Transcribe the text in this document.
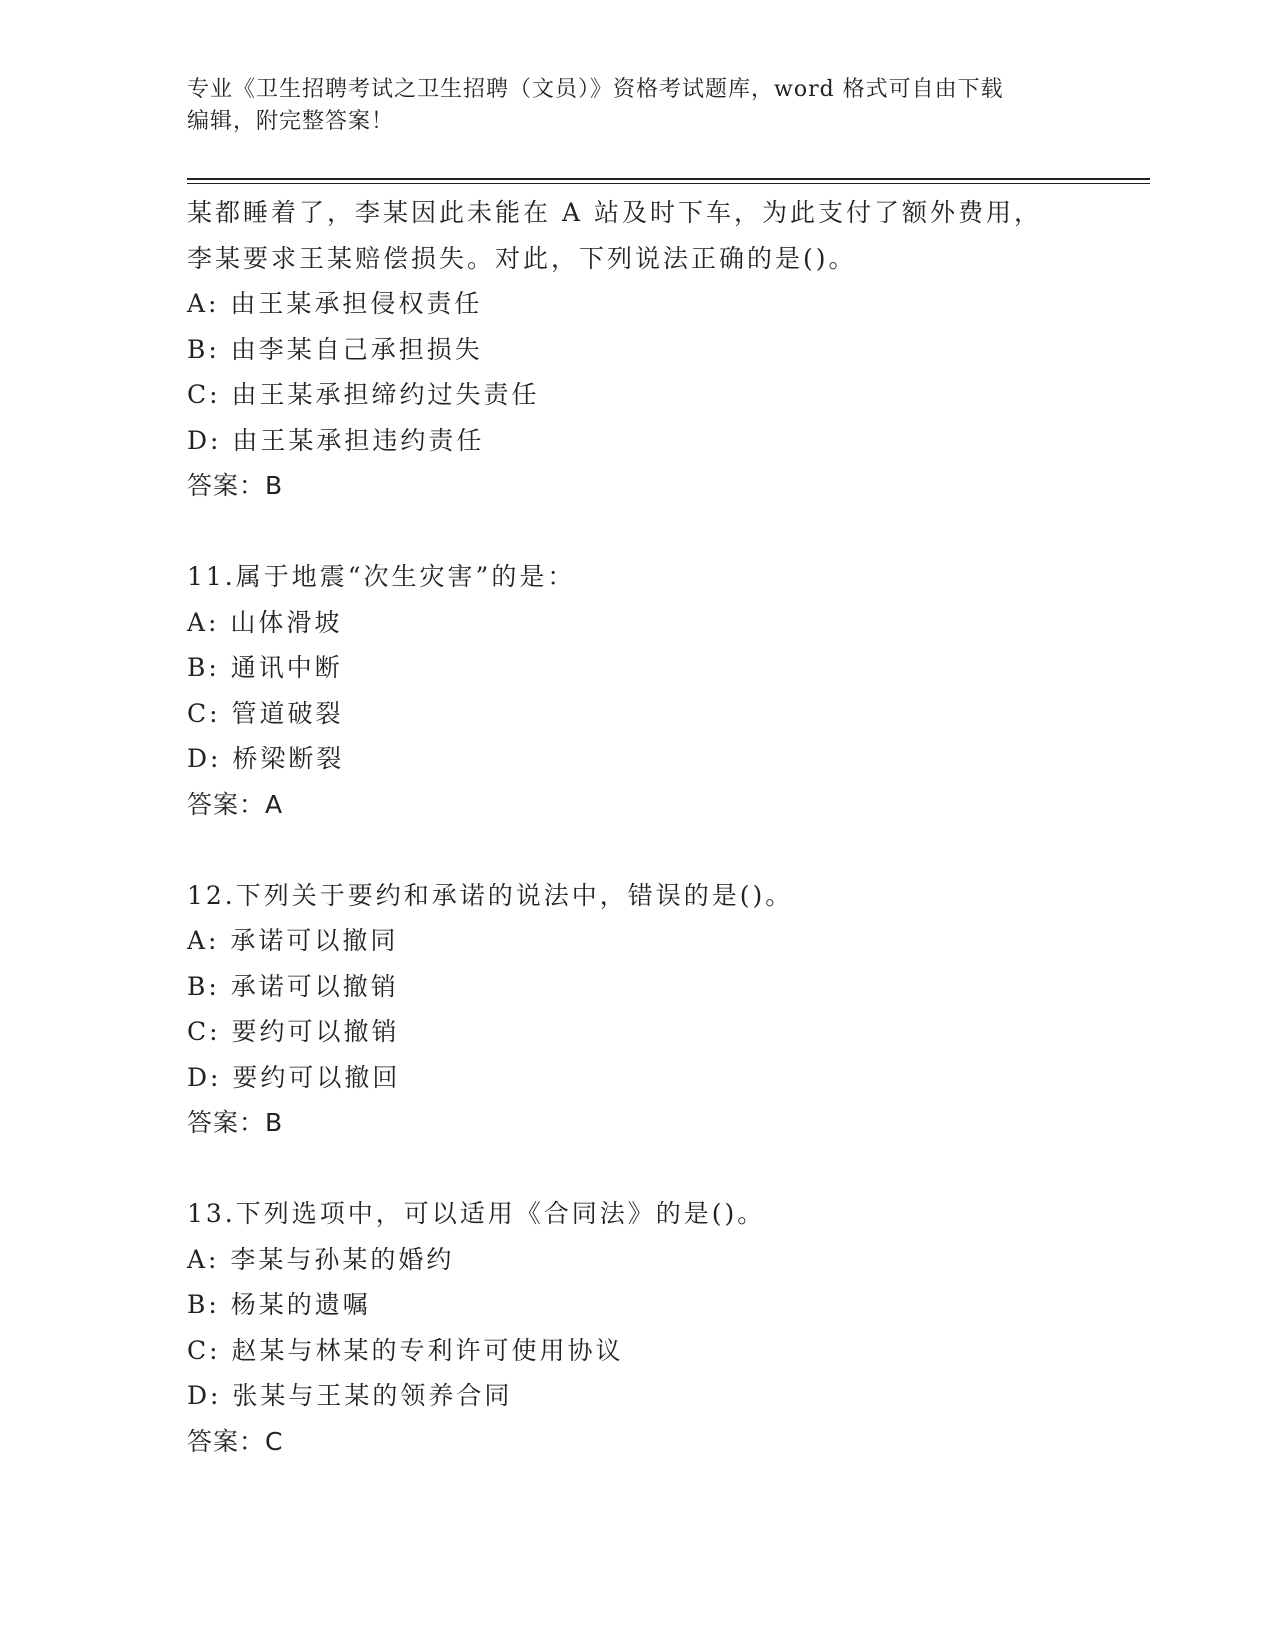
专业《卫生招聘考试之卫生招聘（文员）》资格考试题库，word 格式可自由下载
编辑，附完整答案！
某都睡着了，李某因此未能在 A 站及时下车，为此支付了额外费用，
李某要求王某赔偿损失。对此，下列说法正确的是()。
A: 由王某承担侵权责任
B: 由李某自己承担损失
C: 由王某承担缔约过失责任
D: 由王某承担违约责任
答案：B
11.属于地震“次生灾害”的是：
A: 山体滑坡
B: 通讯中断
C: 管道破裂
D: 桥梁断裂
答案：A
12.下列关于要约和承诺的说法中，错误的是()。
A: 承诺可以撤同
B: 承诺可以撤销
C: 要约可以撤销
D: 要约可以撤回
答案：B
13.下列选项中，可以适用《合同法》的是()。
A: 李某与孙某的婚约
B: 杨某的遗嘱
C: 赵某与林某的专利许可使用协议
D: 张某与王某的领养合同
答案：C
